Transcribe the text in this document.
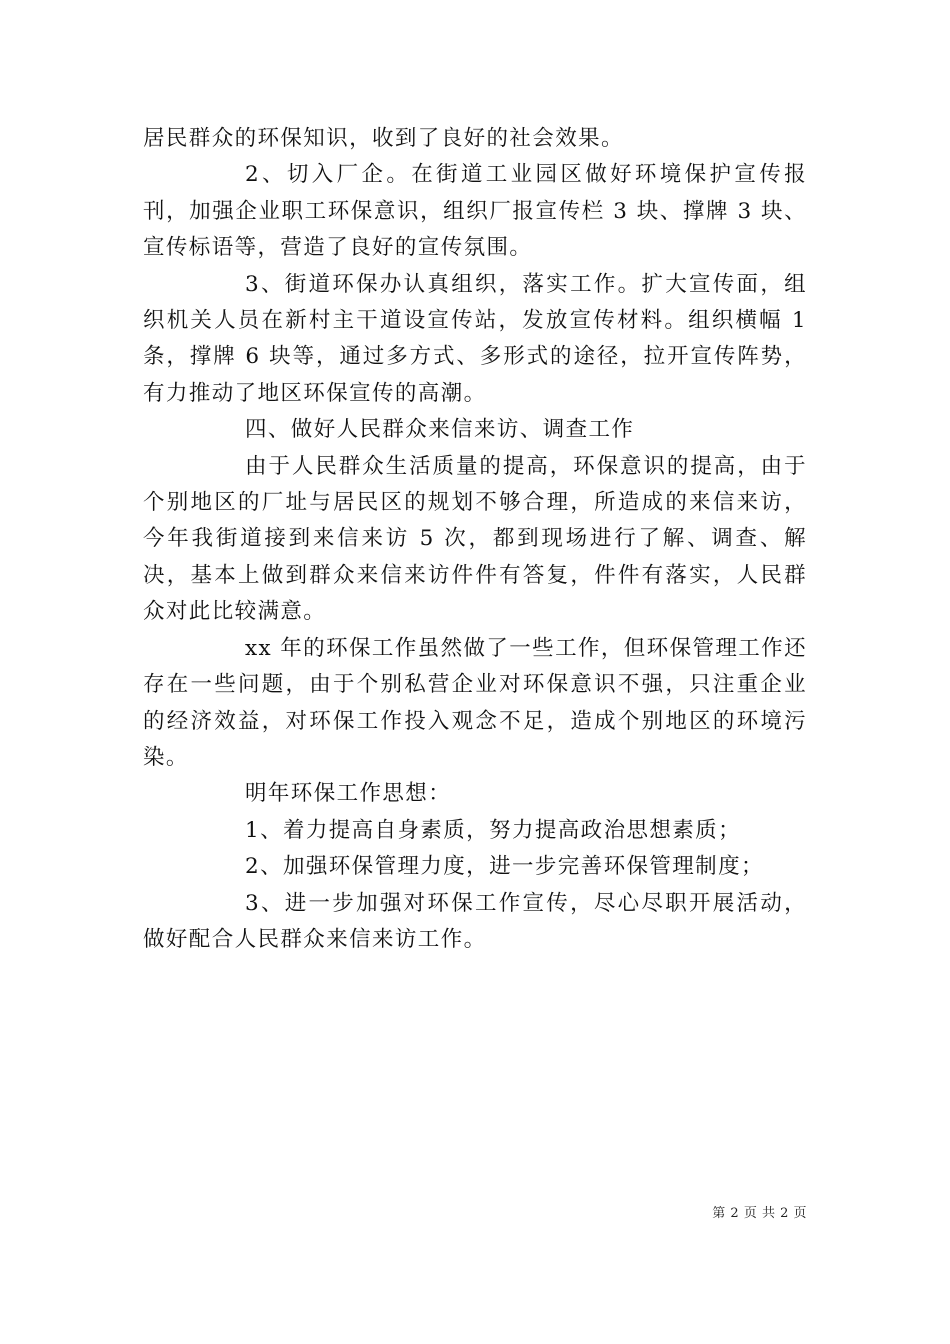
居民群众的环保知识，收到了良好的社会效果。

2、切入厂企。在街道工业园区做好环境保护宣传报刊，加强企业职工环保意识，组织厂报宣传栏 3 块、撑牌 3 块、宣传标语等，营造了良好的宣传氛围。

3、街道环保办认真组织，落实工作。扩大宣传面，组织机关人员在新村主干道设宣传站，发放宣传材料。组织横幅 1 条，撑牌 6 块等，通过多方式、多形式的途径，拉开宣传阵势，有力推动了地区环保宣传的高潮。

四、做好人民群众来信来访、调查工作

由于人民群众生活质量的提高，环保意识的提高，由于个别地区的厂址与居民区的规划不够合理，所造成的来信来访，今年我街道接到来信来访 5 次，都到现场进行了解、调查、解决，基本上做到群众来信来访件件有答复，件件有落实，人民群众对此比较满意。

xx 年的环保工作虽然做了一些工作，但环保管理工作还存在一些问题，由于个别私营企业对环保意识不强，只注重企业的经济效益，对环保工作投入观念不足，造成个别地区的环境污染。

明年环保工作思想：

1、着力提高自身素质，努力提高政治思想素质；

2、加强环保管理力度，进一步完善环保管理制度；

3、进一步加强对环保工作宣传，尽心尽职开展活动，做好配合人民群众来信来访工作。

第 2 页 共 2 页
